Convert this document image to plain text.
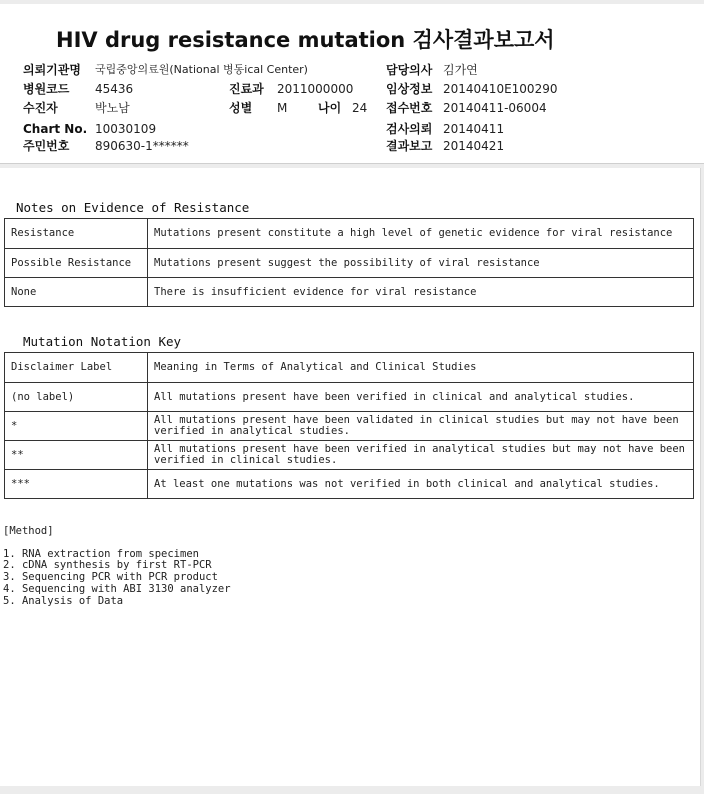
HIV drug resistance mutation 검사결과보고서
의뢰기관명 국립중앙의료원(National 병동ical Center)	담당의사 김가연
병원코드 45436	진료과 2011000000	임상정보 20140410E100290
수진자	박노남	성별 M	나이 24 접수번호 20140411-06004
Chart No. 10030109	검사의뢰 20140411
주민번호 890630-1******	결과보고 20140421
Notes on Evidence of Resistance
Resistance	Mutations present constitute a high level of genetic evidence for viral resistance
Possible Resistance	Mutations present suggest the possibility of viral resistance
None	There is insufficient evidence for viral resistance
Mutation Notation Key
Disclaimer Label	Meaning in Terms of Analytical and Clinical Studies
(no label)	All mutations present have been verified in clinical and analytical studies.
*	All mutations present have been validated in clinical studies but may not have been verified in analytical studies.
**	All mutations present have been verified in analytical studies but may not have been verified in clinical studies.
***	At least one mutations was not verified in both clinical and analytical studies.
[Method]
1. RNA extraction from specimen
2. cDNA synthesis by first RT-PCR
3. Sequencing PCR with PCR product
4. Sequencing with ABI 3130 analyzer
5. Analysis of Data
